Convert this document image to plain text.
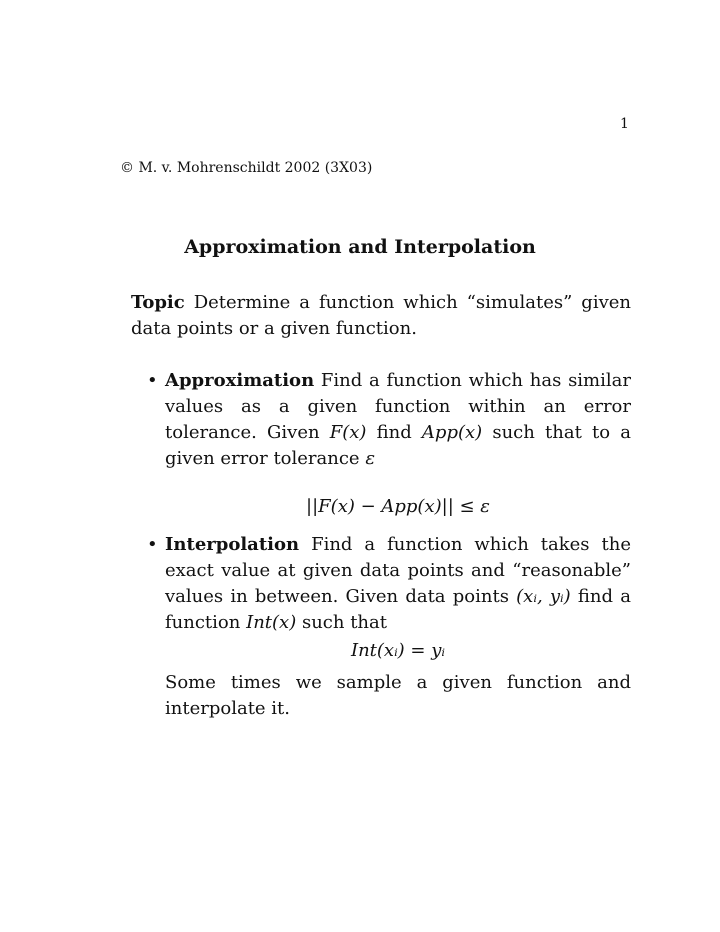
1
© M. v. Mohrenschildt 2002 (3X03)
Approximation and Interpolation
Topic Determine a function which “simulates” given data points or a given function.
• Approximation Find a function which has similar values as a given function within an error tolerance. Given F(x) find App(x) such that to a given error tolerance ε
||F(x) − App(x)|| ≤ ε
• Interpolation Find a function which takes the exact value at given data points and “reasonable” values in between. Given data points (xᵢ, yᵢ) find a function Int(x) such that
Int(xᵢ) = yᵢ
Some times we sample a given function and interpolate it.
